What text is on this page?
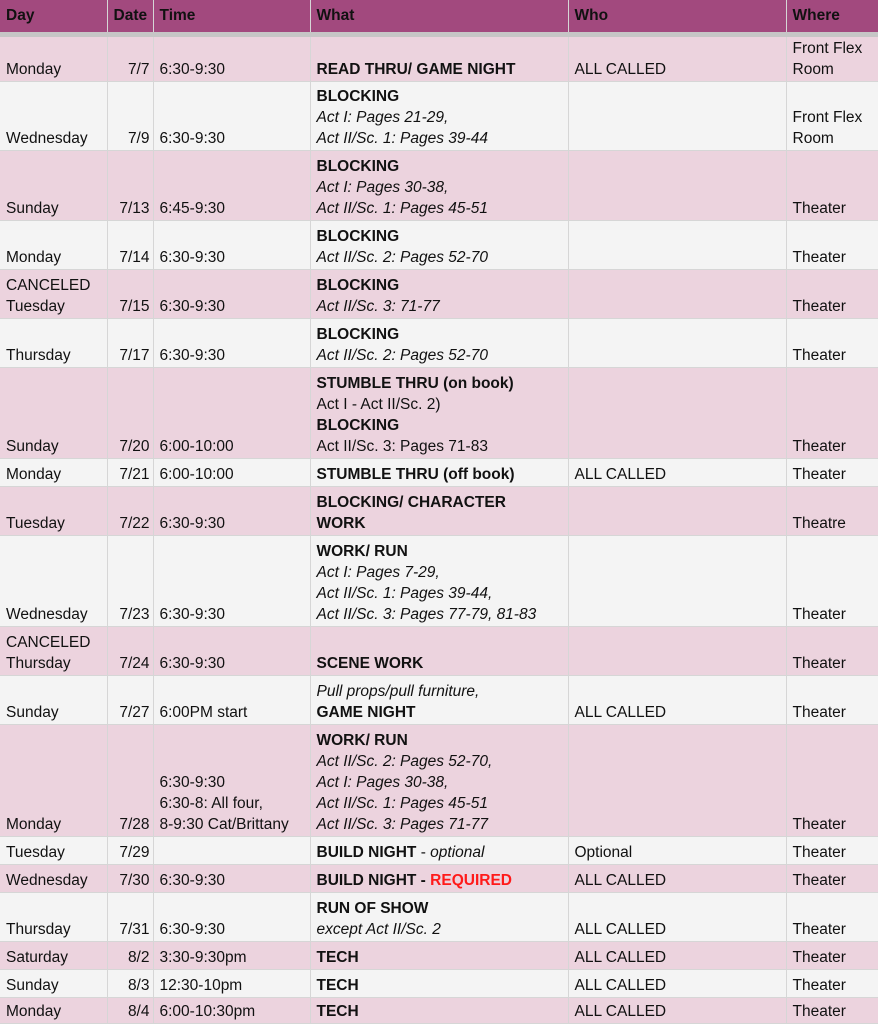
Day	Date	Time	What	Who	Where
Monday	7/7	6:30-9:30	READ THRU/ GAME NIGHT	ALL CALLED	Front Flex Room
Wednesday	7/9	6:30-9:30	BLOCKING
Act I: Pages 21-29,
Act II/Sc. 1: Pages 39-44		Front Flex Room
Sunday	7/13	6:45-9:30	BLOCKING
Act I: Pages 30-38,
Act II/Sc. 1: Pages 45-51		Theater
Monday	7/14	6:30-9:30	BLOCKING
Act II/Sc. 2: Pages 52-70		Theater

CANCELED
Tuesday	7/15	6:30-9:30	BLOCKING
Act II/Sc. 3: 71-77		Theater
Thursday	7/17	6:30-9:30	BLOCKING
Act II/Sc. 2: Pages 52-70		Theater
Sunday	7/20	6:00-10:00	STUMBLE THRU (on book)
Act I - Act II/Sc. 2)
BLOCKING
Act II/Sc. 3: Pages 71-83		Theater
Monday	7/21	6:00-10:00	STUMBLE THRU (off book)	ALL CALLED	Theater
Tuesday	7/22	6:30-9:30	BLOCKING/ CHARACTER
WORK		Theatre
Wednesday	7/23	6:30-9:30	WORK/ RUN
Act I: Pages 7-29,
Act II/Sc. 1: Pages 39-44,
Act II/Sc. 3: Pages 77-79, 81-83		Theater

CANCELED
Thursday	7/24	6:30-9:30	SCENE WORK		Theater
Sunday	7/27	6:00PM start	Pull props/pull furniture,
GAME NIGHT	ALL CALLED	Theater
Monday	7/28	6:30-9:30
6:30-8: All four,
8-9:30 Cat/Brittany	WORK/ RUN
Act II/Sc. 2: Pages 52-70,
Act I: Pages 30-38,
Act II/Sc. 1: Pages 45-51
Act II/Sc. 3: Pages 71-77		Theater
Tuesday	7/29		BUILD NIGHT - optional	Optional	Theater
Wednesday	7/30	6:30-9:30	BUILD NIGHT - REQUIRED	ALL CALLED	Theater
Thursday	7/31	6:30-9:30	RUN OF SHOW
except Act II/Sc. 2	ALL CALLED	Theater
Saturday	8/2	3:30-9:30pm	TECH	ALL CALLED	Theater
Sunday	8/3	12:30-10pm	TECH	ALL CALLED	Theater
Monday	8/4	6:00-10:30pm	TECH	ALL CALLED	Theater
